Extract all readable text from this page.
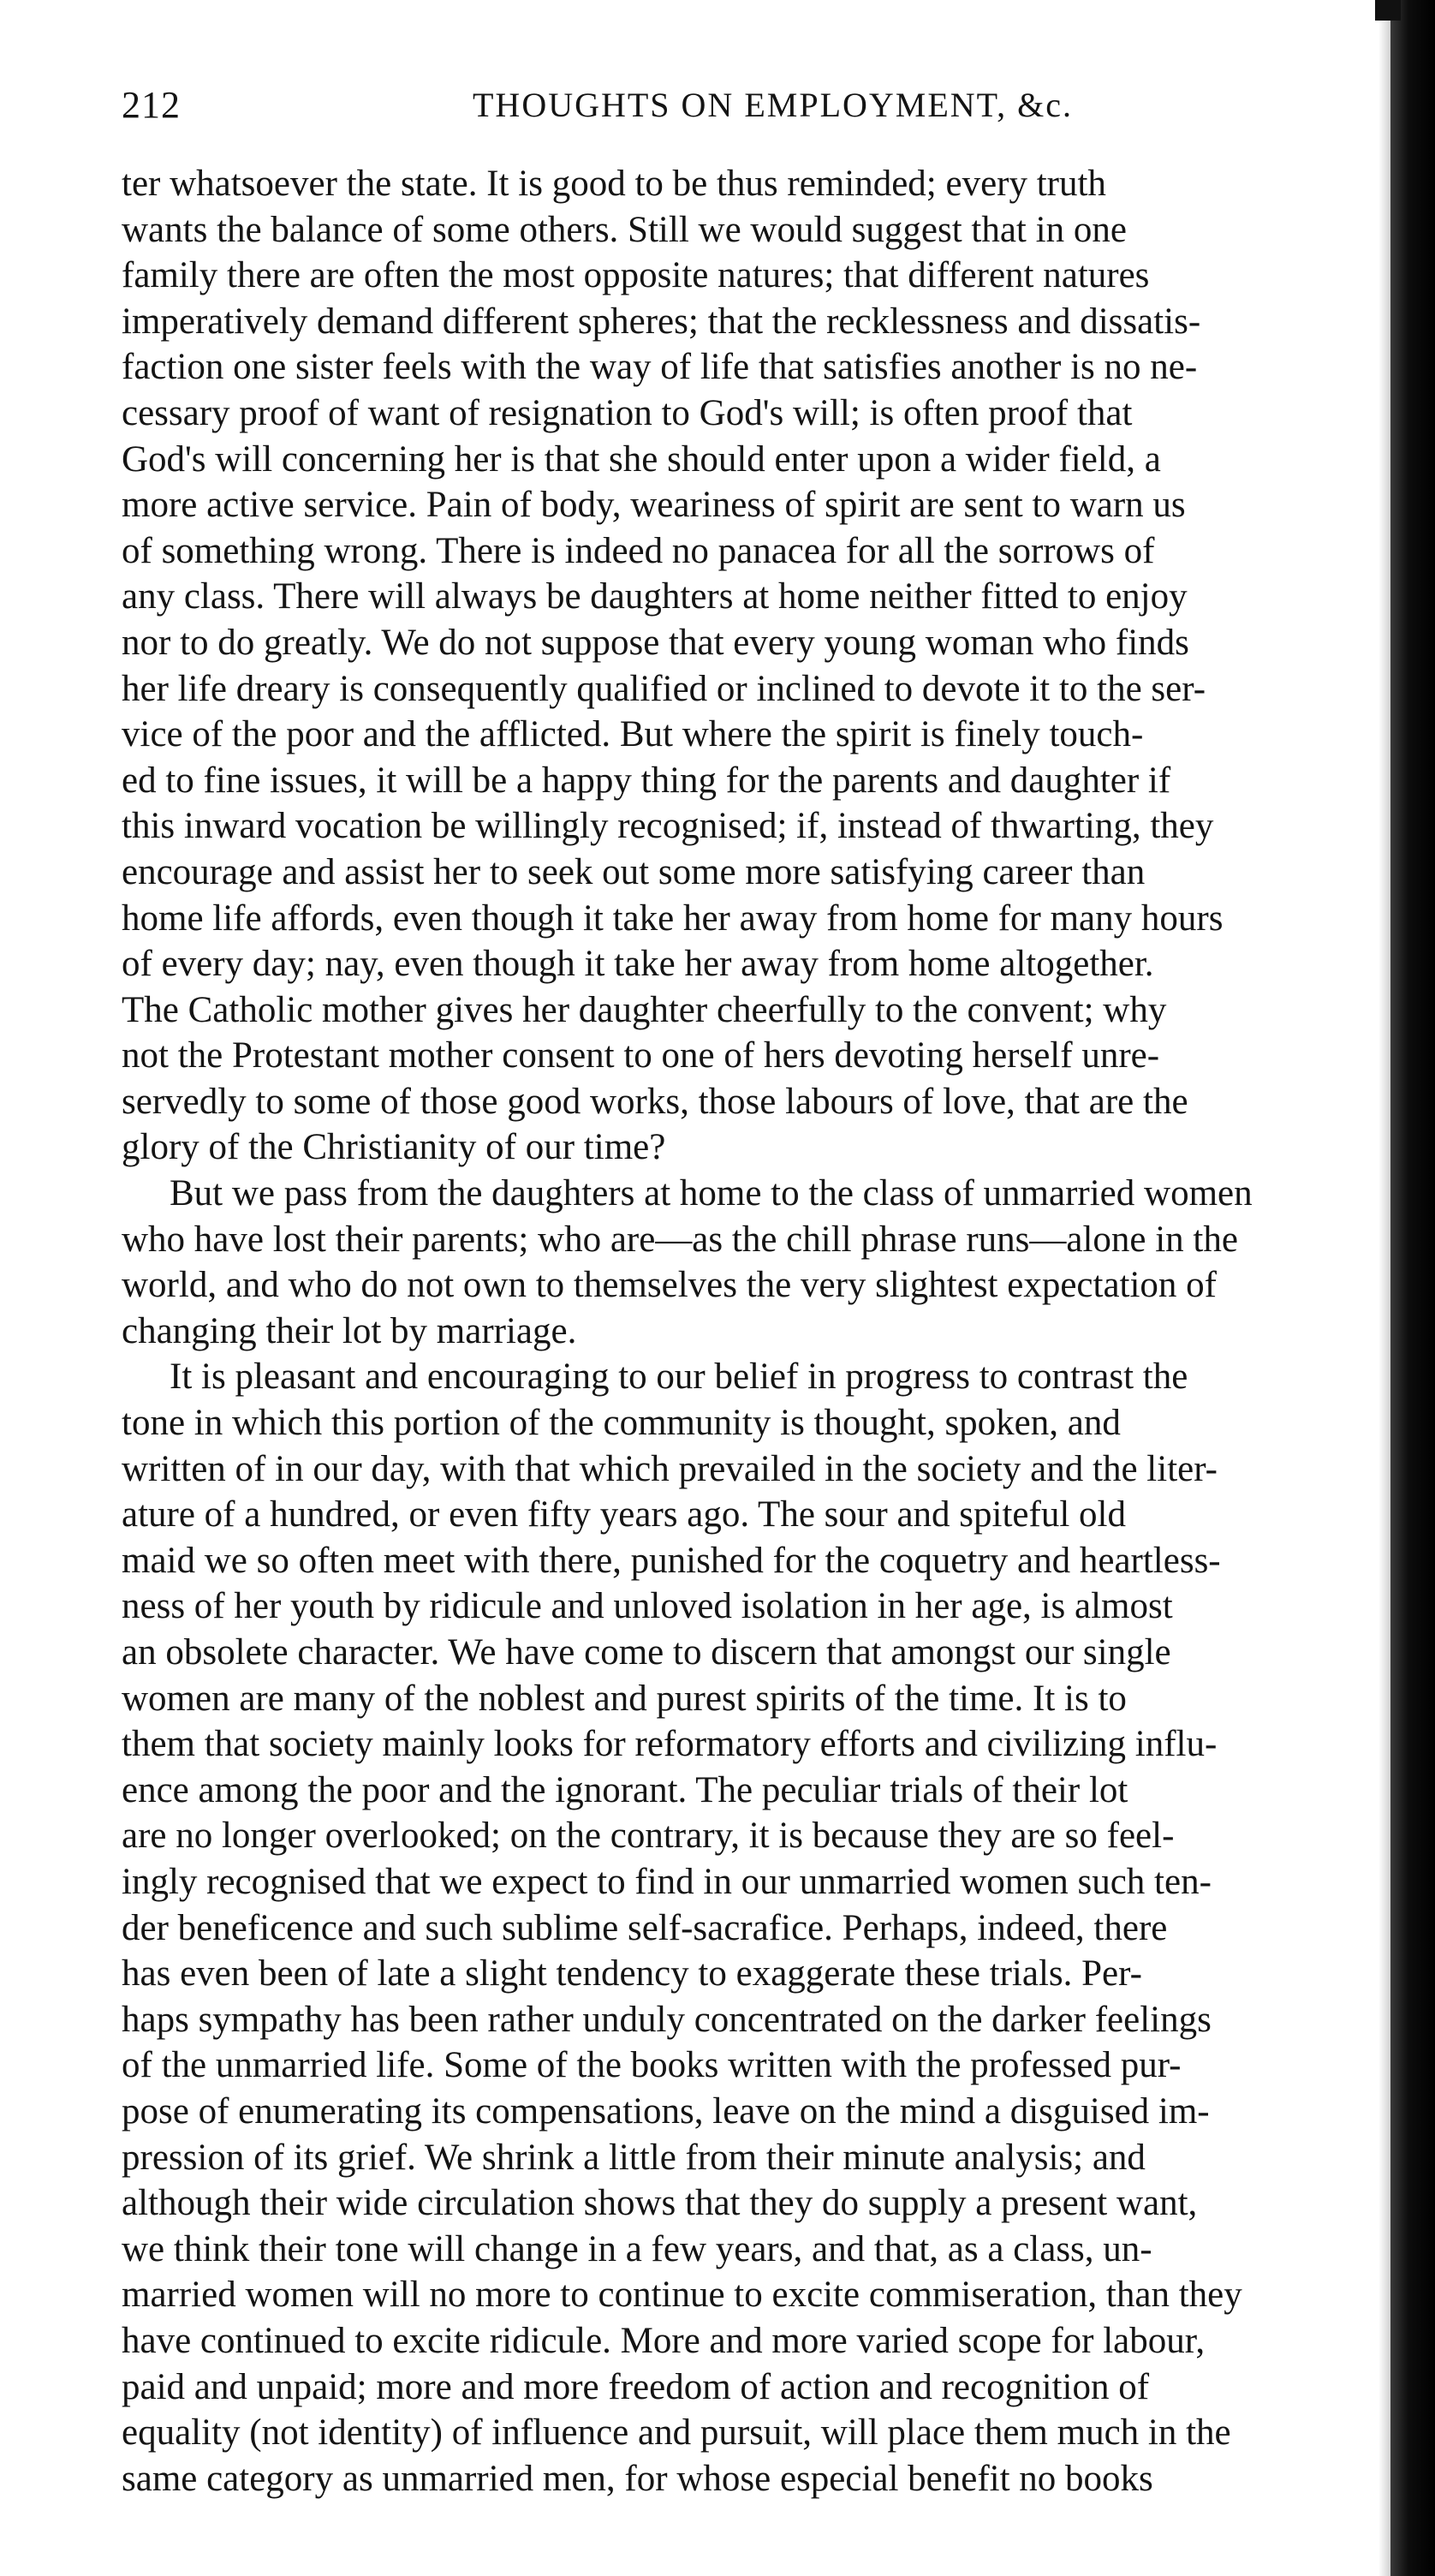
212	THOUGHTS ON EMPLOYMENT, &c.
ter whatsoever the state. It is good to be thus reminded; every truth
wants the balance of some others. Still we would suggest that in one
family there are often the most opposite natures; that different natures
imperatively demand different spheres; that the recklessness and dissatis-
faction one sister feels with the way of life that satisfies another is no ne-
cessary proof of want of resignation to God's will; is often proof that
God's will concerning her is that she should enter upon a wider field, a
more active service. Pain of body, weariness of spirit are sent to warn us
of something wrong. There is indeed no panacea for all the sorrows of
any class. There will always be daughters at home neither fitted to enjoy
nor to do greatly. We do not suppose that every young woman who finds
her life dreary is consequently qualified or inclined to devote it to the ser-
vice of the poor and the afflicted. But where the spirit is finely touch-
ed to fine issues, it will be a happy thing for the parents and daughter if
this inward vocation be willingly recognised; if, instead of thwarting, they
encourage and assist her to seek out some more satisfying career than
home life affords, even though it take her away from home for many hours
of every day; nay, even though it take her away from home altogether.
The Catholic mother gives her daughter cheerfully to the convent; why
not the Protestant mother consent to one of hers devoting herself unre-
servedly to some of those good works, those labours of love, that are the
glory of the Christianity of our time?
But we pass from the daughters at home to the class of unmarried women
who have lost their parents; who are—as the chill phrase runs—alone in the
world, and who do not own to themselves the very slightest expectation of
changing their lot by marriage.
It is pleasant and encouraging to our belief in progress to contrast the
tone in which this portion of the community is thought, spoken, and
written of in our day, with that which prevailed in the society and the liter-
ature of a hundred, or even fifty years ago. The sour and spiteful old
maid we so often meet with there, punished for the coquetry and heartless-
ness of her youth by ridicule and unloved isolation in her age, is almost
an obsolete character. We have come to discern that amongst our single
women are many of the noblest and purest spirits of the time. It is to
them that society mainly looks for reformatory efforts and civilizing influ-
ence among the poor and the ignorant. The peculiar trials of their lot
are no longer overlooked; on the contrary, it is because they are so feel-
ingly recognised that we expect to find in our unmarried women such ten-
der beneficence and such sublime self-sacrafice. Perhaps, indeed, there
has even been of late a slight tendency to exaggerate these trials. Per-
haps sympathy has been rather unduly concentrated on the darker feelings
of the unmarried life. Some of the books written with the professed pur-
pose of enumerating its compensations, leave on the mind a disguised im-
pression of its grief. We shrink a little from their minute analysis; and
although their wide circulation shows that they do supply a present want,
we think their tone will change in a few years, and that, as a class, un-
married women will no more to continue to excite commiseration, than they
have continued to excite ridicule. More and more varied scope for labour,
paid and unpaid; more and more freedom of action and recognition of
equality (not identity) of influence and pursuit, will place them much in the
same category as unmarried men, for whose especial benefit no books
